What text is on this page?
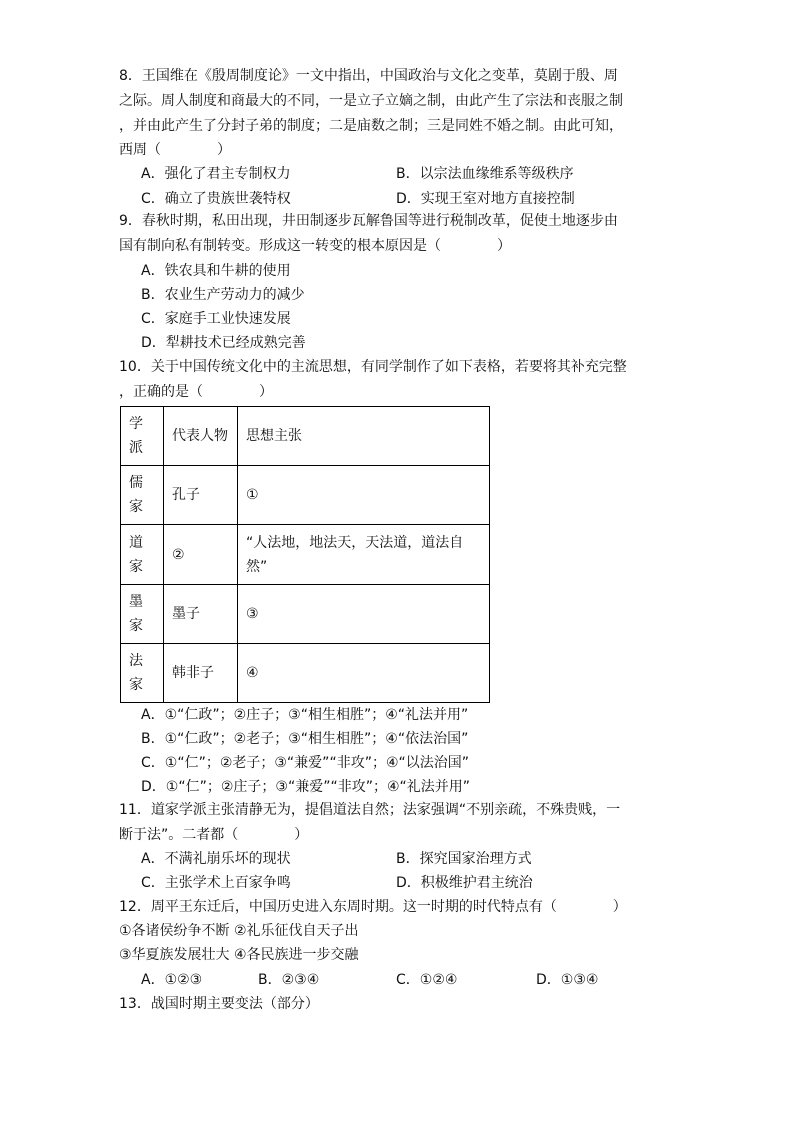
8．王国维在《殷周制度论》一文中指出，中国政治与文化之变革，莫剧于殷、周
之际。周人制度和商最大的不同，一是立子立嫡之制，由此产生了宗法和丧服之制
，并由此产生了分封子弟的制度；二是庙数之制；三是同姓不婚之制。由此可知，
西周（　　　　）
A．强化了君主专制权力	B．以宗法血缘维系等级秩序
C．确立了贵族世袭特权	D．实现王室对地方直接控制
9．春秋时期，私田出现，井田制逐步瓦解鲁国等进行税制改革，促使土地逐步由
国有制向私有制转变。形成这一转变的根本原因是（　　　　）
A．铁农具和牛耕的使用
B．农业生产劳动力的减少
C．家庭手工业快速发展
D．犁耕技术已经成熟完善
10．关于中国传统文化中的主流思想，有同学制作了如下表格，若要将其补充完整
，正确的是（　　　　）
学派	代表人物	思想主张

儒家	孔子	①

道家	②	“人法地，地法天，天法道，道法自然”

墨家	墨子	③

法家	韩非子	④
A．①“仁政”；②庄子；③“相生相胜”；④“礼法并用”
B．①“仁政”；②老子；③“相生相胜”；④“依法治国”
C．①“仁”；②老子；③“兼爱”“非攻”；④“以法治国”
D．①“仁”；②庄子；③“兼爱”“非攻”；④“礼法并用”
11．道家学派主张清静无为，提倡道法自然；法家强调“不别亲疏，不殊贵贱，一
断于法”。二者都（　　　　）
A．不满礼崩乐坏的现状	B．探究国家治理方式
C．主张学术上百家争鸣	D．积极维护君主统治
12．周平王东迁后，中国历史进入东周时期。这一时期的时代特点有（　　　　）
①各诸侯纷争不断 ②礼乐征伐自天子出
③华夏族发展壮大 ④各民族进一步交融
A．①②③	B．②③④	C．①②④	D．①③④
13．战国时期主要变法（部分）
